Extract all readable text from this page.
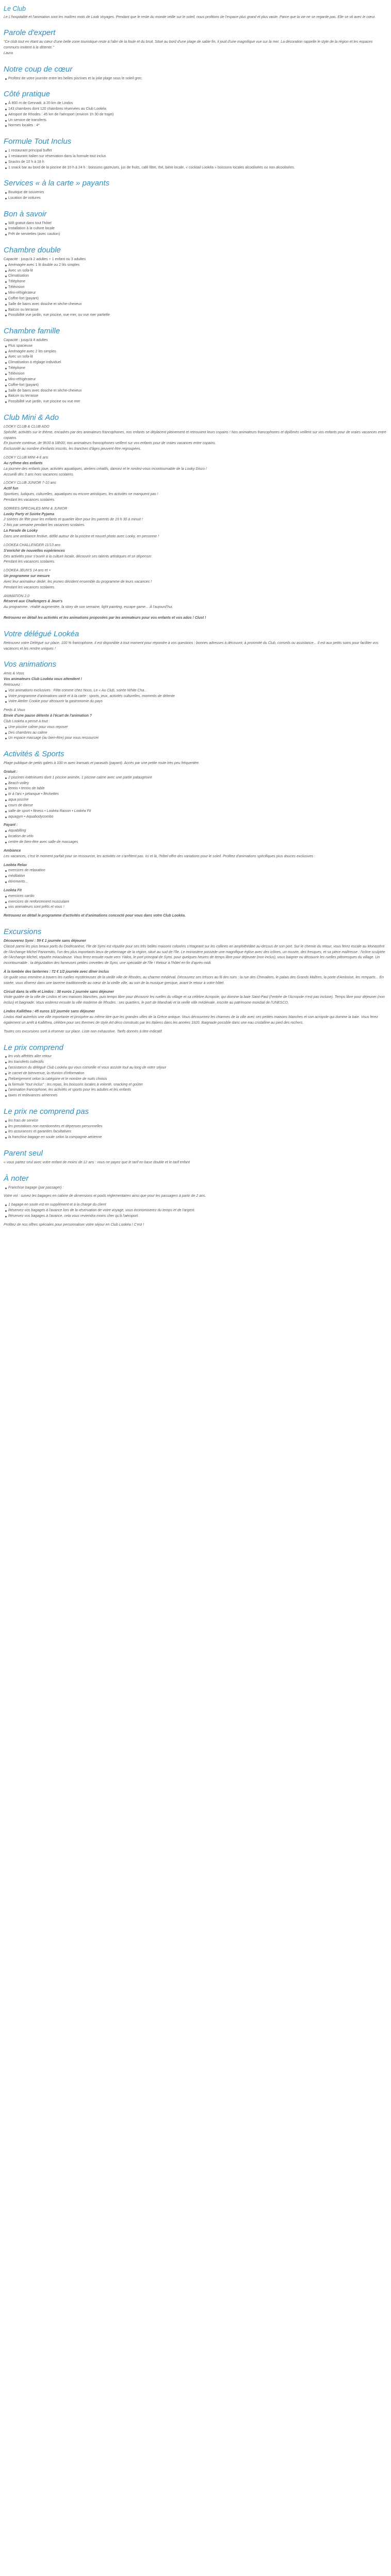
Le Club

Le L'hospitalité et l'animation sont les maîtres mots de Look Voyages. Pendant que le reste du monde veille sur le soleil, nous profitons de l'espace plus grand et plus vaste. Parce que la vie ne se regarde pas. Elle se vit avec le cœur.

Parole d'expert

"Ce club tout en étant au cœur d'une belle zone touristique reste à l'abri de la foule et du bruit. Situé au bord d'une plage de sable fin, il jouit d'une magnifique vue sur la mer. La décoration rappelle le style de la région et les espaces communs invitent à la détente."

Laura

Notre coup de cœur
Profitez de votre journée entre les belles piscines et la jolie plage sous le soleil grec.
Côté pratique
À 800 m de Gennadi, à 20 km de Lindos
143 chambres dont 120 chambres réservées au Club Lookéa
Aéroport de Rhodes : 45 km de l'aéroport (environ 1h 30 de trajet)
Un service de transferts
Normes locales : 4*
Formule Tout Inclus
1 restaurant principal buffet
1 restaurant Italien sur réservation dans la formule tout inclus
Snacks de 10 h à 18 h
1 snack bar au bord de la piscine de 10 h à 24 h : boissons gazeuses, jus de fruits, café filtre, thé, bière locale, « cocktail Lookéa » boissons locales alcoolisées ou non alcoolisées.
Services « à la carte » payants
Boutique de souvenirs
Location de voitures
Bon à savoir
Wifi gratuit dans tout l'hôtel
Installation à la culture locale
Prêt de serviettes (avec caution)
Chambre double

Capacité : jusqu'à 2 adultes + 1 enfant ou 3 adultes

Aménagée avec 1 lit double ou 2 lits simples
Avec un sofa-lit
Climatisation
Téléphone
Télévision
Mini-réfrigérateur
Coffre-fort (payant)
Salle de bains avec douche et sèche-cheveux
Balcon ou terrasse
Possibilité vue jardin, vue piscine, vue mer, ou vue mer partielle
Chambre famille

Capacité : jusqu'à 4 adultes

Plus spacieuse
Aménagée avec 2 lits simples
Avec un sofa-lit
Climatisation à réglage individuel
Téléphone
Télévision
Mini-réfrigérateur
Coffre-fort (payant)
Salle de bains avec douche et sèche-cheveux
Balcon ou terrasse
Possibilité vue jardin, vue piscine ou vue mer
Club Mini & Ado

LOOKY CLUB & CLUB ADO

Spécifié, activités sur le thème, encadrés par des animateurs francophones, nos enfants se déplacent pleinement et retrouvent leurs copains ! Nos animateurs francophones et diplômés veillent sur vos enfants pour de vraies vacances entre copains.

En journée continue, de 9h30 à 18h00, nos animateurs francophones veillent sur vos enfants pour de vraies vacances entre copains.

Exclusivité au nombre d'enfants inscrits, les tranches d'âges peuvent être regroupées.

LOOKY CLUB MINI 4-6 ans

Au rythme des enfants

La journée des enfants joue, activités aquatiques, ateliers créatifs, dansez et le rondez-vous incontournable de la Looky Disco !

Accueilli dès 3 ans hors vacances scolaires.

LOOKY CLUB JUNIOR 7-10 ans

Actif fun

Sportives, ludiques, culturelles, aquatiques ou encore artistiques, les activités ne manquent pas !

Pendant les vacances scolaires.

SOIREES SPECIALES MINI & JUNIOR

Looky Party et Soirée Pyjama

2 soirées de fête pour les enfants et quartier libre pour les parents de 19 h 30 à minuit !

2 fois par semaine pendant les vacances scolaires.

La Parade de Looky

Dans une ambiance festive, défilé autour de la piscine et nouvel photo avec Looky, en personne !

LOOKEA CHALLENGER 11/13 ans

S'enrichir de nouvelles expériences

Des activités pour s'ouvrir à la culture locale, découvrir ses talents artistiques et se dépenser.

Pendant les vacances scolaires.

LOOKEA JEUN'S 14 ans et +

Un programme sur mesure

Avec leur animateur dédié, les jeunes décident ensemble du programme de leurs vacances !

Pendant les vacances scolaires.

ANIMATION 2.0

Réservé aux Challengers & Jeun's

Au programme : réalité augmentée, la story de son semaine, light painting, escape game... À l'aujourd'hui.

Retrouvez en détail les activités et les animations proposées par les animateurs pour vos enfants et vos ados ! Clust !

Votre délégué Lookéa

Retrouvez votre Délégué sur place, 100 % francophone, il est disponible à tout moment pour répondre à vos questions : bonnes adresses à découvrir, à proximité du Club, conseils ou assistance... Il est aux petits soins pour faciliter vos vacances et les rendre uniques !

Vos animations

Amis & Vous

Vos animateurs Club Lookéa vous attendent !

Retrouvez :

Vos animations exclusives : Fête comme chez Nous, Le « Au Club, soirée White Cha...
Votre programme d'animations varié et à la carte : sports, jeux, activités culturelles, moments de détente
Votre Atelier Cookie pour découvrir la gastronomie du pays

Pieds & Vous

Envie d'une pause détente à l'écart de l'animation ?

Club Lookéa a pensé à tout :

Une piscine calme pour vous reposer
Des chambres au calme
Un espace massage (au bien-être) pour vous ressourcer
Activités & Sports

Plage publique de petits galets à 100 m avec transats et parasols (payant). Accès par une petite route très peu fréquentée.

Gratuit :

2 piscines extérieures dont 1 piscine animée, 1 piscine calme avec une partie pataugeoire
Beach-volley
tennis • tennis de table
tir à l'arc • pétanque • fléchettes
aqua piscine
cours de danse
salle de sport • fitness • Lookéa Raison • Lookéa Fit
aquagym • Aquabodycombo

Payant :

Aquabilling
location de vélo
centre de bien-être avec salle de massages

Ambiance

Les vacances, c'est le moment parfait pour se ressourcer, les activités ne s'arrêtent pas. Ici et là, l'hôtel offre des variations pour le soleil. Profitez d'animations spécifiques plus douces exclusives :

Lookéa Relax

exercices de relaxation
méditation
étirements...

Lookéa Fit

exercices cardio
exercices de renforcement musculaire
vos animateurs sont prêts et vous !

Retrouvez en détail le programme d'activités et d'animations concocté pour vous dans votre Club Lookéa.

Excursions

Découverez Symi : 59 € 1 journée sans déjeuner

Classé parmi les plus beaux ports du Dodécanèse, l'île de Symi est réputée pour ses très belles maisons colorées s'étageant sur les collines en amphithéâtre au-dessus de son port. Sur le chemin du retour, vous ferez escale au Monastère de l'Archange Michel Panormitis, l'un des plus importants lieux de pèlerinage de la région, situé au sud de l'île. Le monastère possède une magnifique église avec des icônes, un musée, des fresques, et sa pièce maîtresse : l'icône sculptée de l'Archange Michel, réputée miraculeuse. Vous ferez ensuite route vers Yialos, le port principal de Symi, pour quelques heures de temps libre pour déjeuner (non inclus), vous baigner ou découvrir les ruelles pittoresques du village. Un incontournable : la dégustation des fameuses petites crevettes de Symi, une spécialité de l'île ! Retour à l'hôtel en fin d'après-midi.

À la tombée des lanternes : 72 € 1/2 journée avec dîner inclus

Un guide vous emmène à travers les ruelles mystérieuses de la vieille ville de Rhodes, au charme médiéval. Découvrez ses trésors au fil des rues : la rue des Chevaliers, le palais des Grands Maîtres, la porte d'Amboise, les remparts... En soirée, vous dînerez dans une taverne traditionnelle au cœur de la vieille ville, au son de la musique grecque, avant le retour à votre hôtel.

Circuit dans la ville et Lindos : 38 euros 1 journée sans déjeuner

Visite guidée de la ville de Lindos et ses maisons blanches, puis temps libre pour découvrir les ruelles du village et sa célèbre Acropole, qui domine la baie Saint-Paul (l'entrée de l'Acropole n'est pas incluse). Temps libre pour déjeuner (non inclus) et baignade. Vous visiterez ensuite la ville moderne de Rhodes : ses quartiers, le port de Mandraki et la vieille ville médiévale, inscrite au patrimoine mondial de l'UNESCO.

Lindos Kallithea : 45 euros 1/2 journée sans déjeuner

Lindos était autrefois une ville importante et prospère au même titre que les grandes villes de la Grèce antique. Vous découvrirez les charmes de la ville avec ses petites maisons blanches et son acropole qui domine la baie. Vous ferez également un arrêt à Kallithea, célèbre pour ses thermes de style Art déco construits par les Italiens dans les années 1920. Baignade possible dans une eau cristalline au pied des rochers.

Toutes ces excursions sont à réserver sur place. Liste non exhaustive. Tarifs donnés à titre indicatif.

Le prix comprend
les vols affrétés aller retour
les transferts collectifs
l'assistance du délégué Club Lookéa qui vous conseille et vous assiste tout au long de votre séjour
le carnet de bienvenue, la réunion d'information
l'hébergement selon la catégorie et le nombre de nuits choisis
la formule "tout inclus" : les repas, les boissons locales à volonté, snacking et goûter
l'animation francophone, les activités et sports pour les adultes et les enfants
taxes et redevances aériennes
Le prix ne comprend pas
les frais de service
les prestations non mentionnées et dépenses personnelles
les assurances et garanties facultatives
la franchise bagage en soute selon la compagnie aérienne
Parent seul

« vous partez seul avec votre enfant de moins de 12 ans : vous ne payez que le tarif en base double et le tarif enfant

À noter
Franchise bagage (par passager) :

Votre vol : suivez les bagages en cabine de dimensions et poids réglementaires ainsi que pour les passagers à partir de 2 ans.

1 bagage en soute est en supplément et à la charge du client
Réservez vos bagages à l'avance lors de la réservation de votre voyage, vous économiserez du temps et de l'argent.
Réservez vos bagages à l'avance, cela vous reviendra moins cher qu'à l'aéroport.

Profitez de nos offres spéciales pour personnaliser votre séjour en Club Lookéa ! C'est !
